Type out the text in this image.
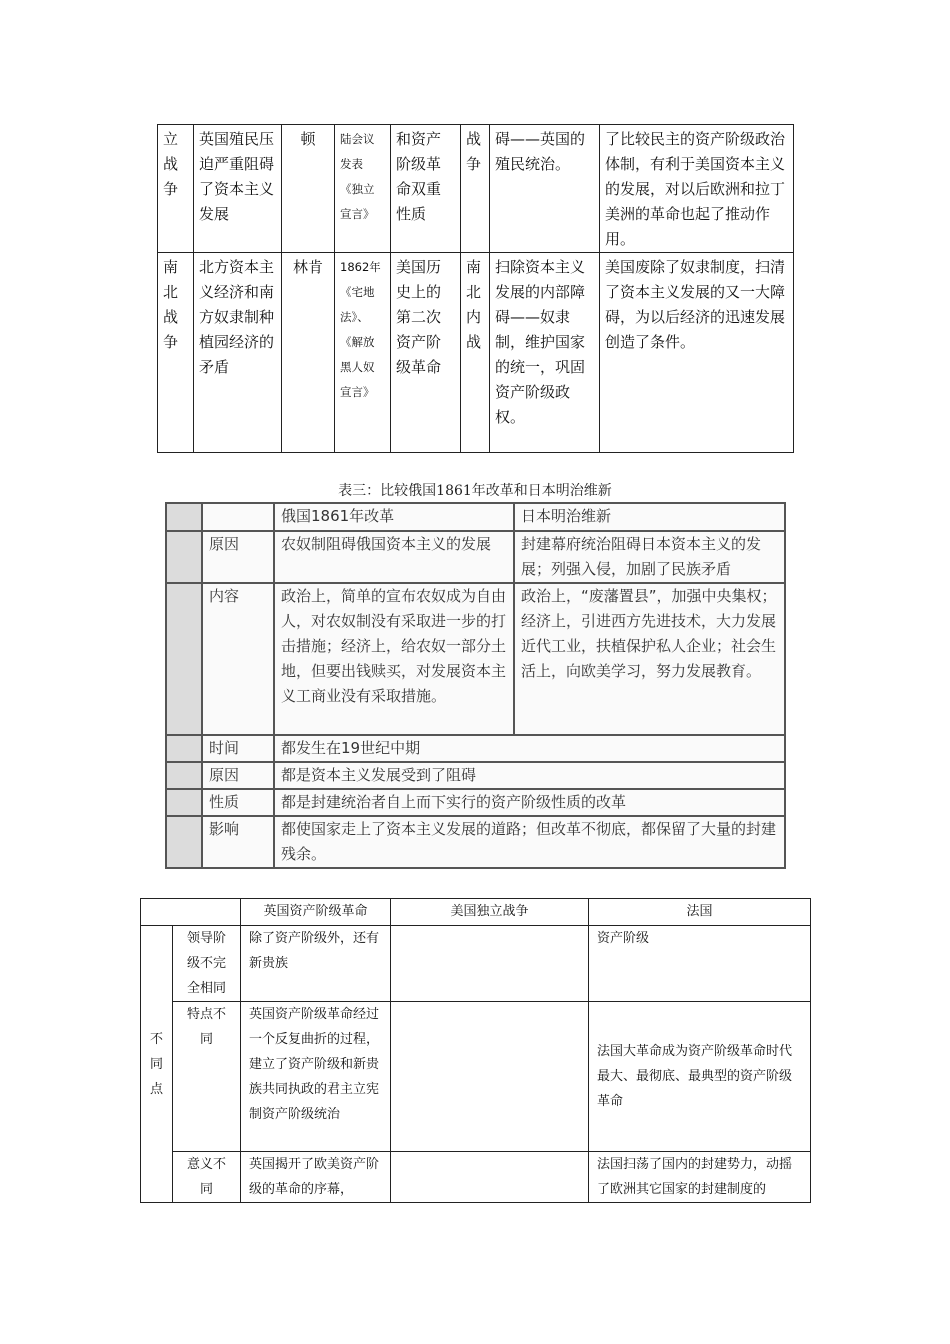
立战争	英国殖民压迫严重阻碍了资本主义发展	顿	陆会议发表《独立宣言》	和资产阶级革命双重性质	战争	碍——英国的殖民统治。	了比较民主的资产阶级政治体制，有利于美国资本主义的发展，对以后欧洲和拉丁美洲的革命也起了推动作用。
南北战争	北方资本主义经济和南方奴隶制种植园经济的矛盾	林肯	1862年《宅地法》、《解放黑人奴宣言》	美国历史上的第二次资产阶级革命	南北内战	扫除资本主义发展的内部障碍——奴隶制，维护国家的统一，巩固资产阶级政权。	美国废除了奴隶制度，扫清了资本主义发展的又一大障碍，为以后经济的迅速发展创造了条件。
表三：比较俄国1861年改革和日本明治维新
		俄国1861年改革	日本明治维新
	原因	农奴制阻碍俄国资本主义的发展	封建幕府统治阻碍日本资本主义的发展；列强入侵，加剧了民族矛盾
	内容	政治上，简单的宣布农奴成为自由人，对农奴制没有采取进一步的打击措施；经济上，给农奴一部分土地，但要出钱赎买，对发展资本主义工商业没有采取措施。	政治上，“废藩置县”，加强中央集权；经济上，引进西方先进技术，大力发展近代工业，扶植保护私人企业；社会生活上，向欧美学习，努力发展教育。
	时间	都发生在19世纪中期	
	原因	都是资本主义发展受到了阻碍	
	性质	都是封建统治者自上而下实行的资产阶级性质的改革	
	影响	都使国家走上了资本主义发展的道路；但改革不彻底，都保留了大量的封建残余。	
		英国资产阶级革命	美国独立战争	法国
不同点	领导阶级不完全相同	除了资产阶级外，还有新贵族		资产阶级
	特点不同	英国资产阶级革命经过一个反复曲折的过程，建立了资产阶级和新贵族共同执政的君主立宪制资产阶级统治		法国大革命成为资产阶级革命时代最大、最彻底、最典型的资产阶级革命
	意义不同	英国揭开了欧美资产阶级的革命的序幕，		法国扫荡了国内的封建势力，动摇了欧洲其它国家的封建制度的
